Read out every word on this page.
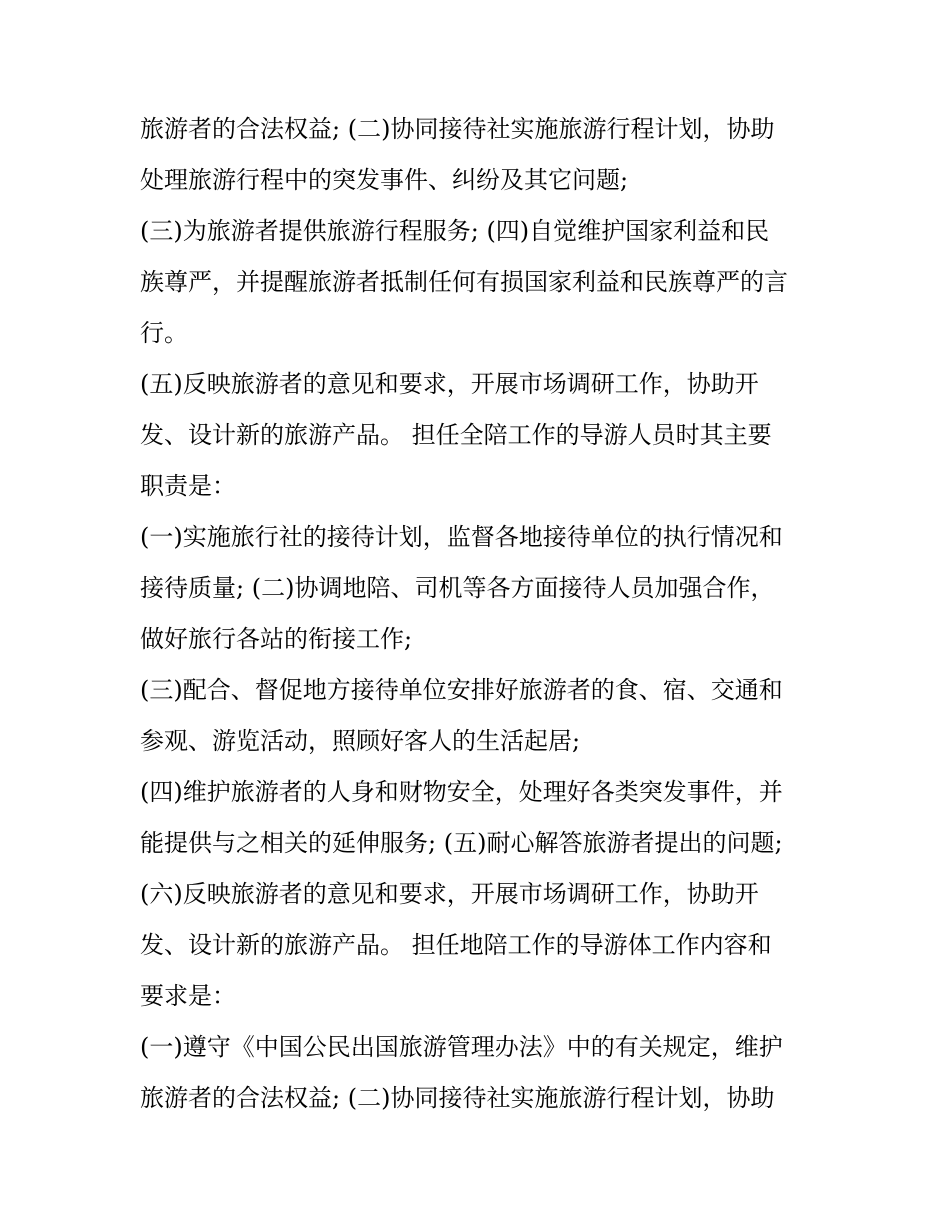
旅游者的合法权益; (二)协同接待社实施旅游行程计划，协助
处理旅游行程中的突发事件、纠纷及其它问题;
(三)为旅游者提供旅游行程服务; (四)自觉维护国家利益和民
族尊严，并提醒旅游者抵制任何有损国家利益和民族尊严的言
行。
(五)反映旅游者的意见和要求，开展市场调研工作，协助开
发、设计新的旅游产品。 担任全陪工作的导游人员时其主要
职责是：
(一)实施旅行社的接待计划，监督各地接待单位的执行情况和
接待质量; (二)协调地陪、司机等各方面接待人员加强合作，
做好旅行各站的衔接工作;
(三)配合、督促地方接待单位安排好旅游者的食、宿、交通和
参观、游览活动，照顾好客人的生活起居;
(四)维护旅游者的人身和财物安全，处理好各类突发事件，并
能提供与之相关的延伸服务; (五)耐心解答旅游者提出的问题;
(六)反映旅游者的意见和要求，开展市场调研工作，协助开
发、设计新的旅游产品。 担任地陪工作的导游体工作内容和
要求是：
(一)遵守《中国公民出国旅游管理办法》中的有关规定，维护
旅游者的合法权益; (二)协同接待社实施旅游行程计划，协助
